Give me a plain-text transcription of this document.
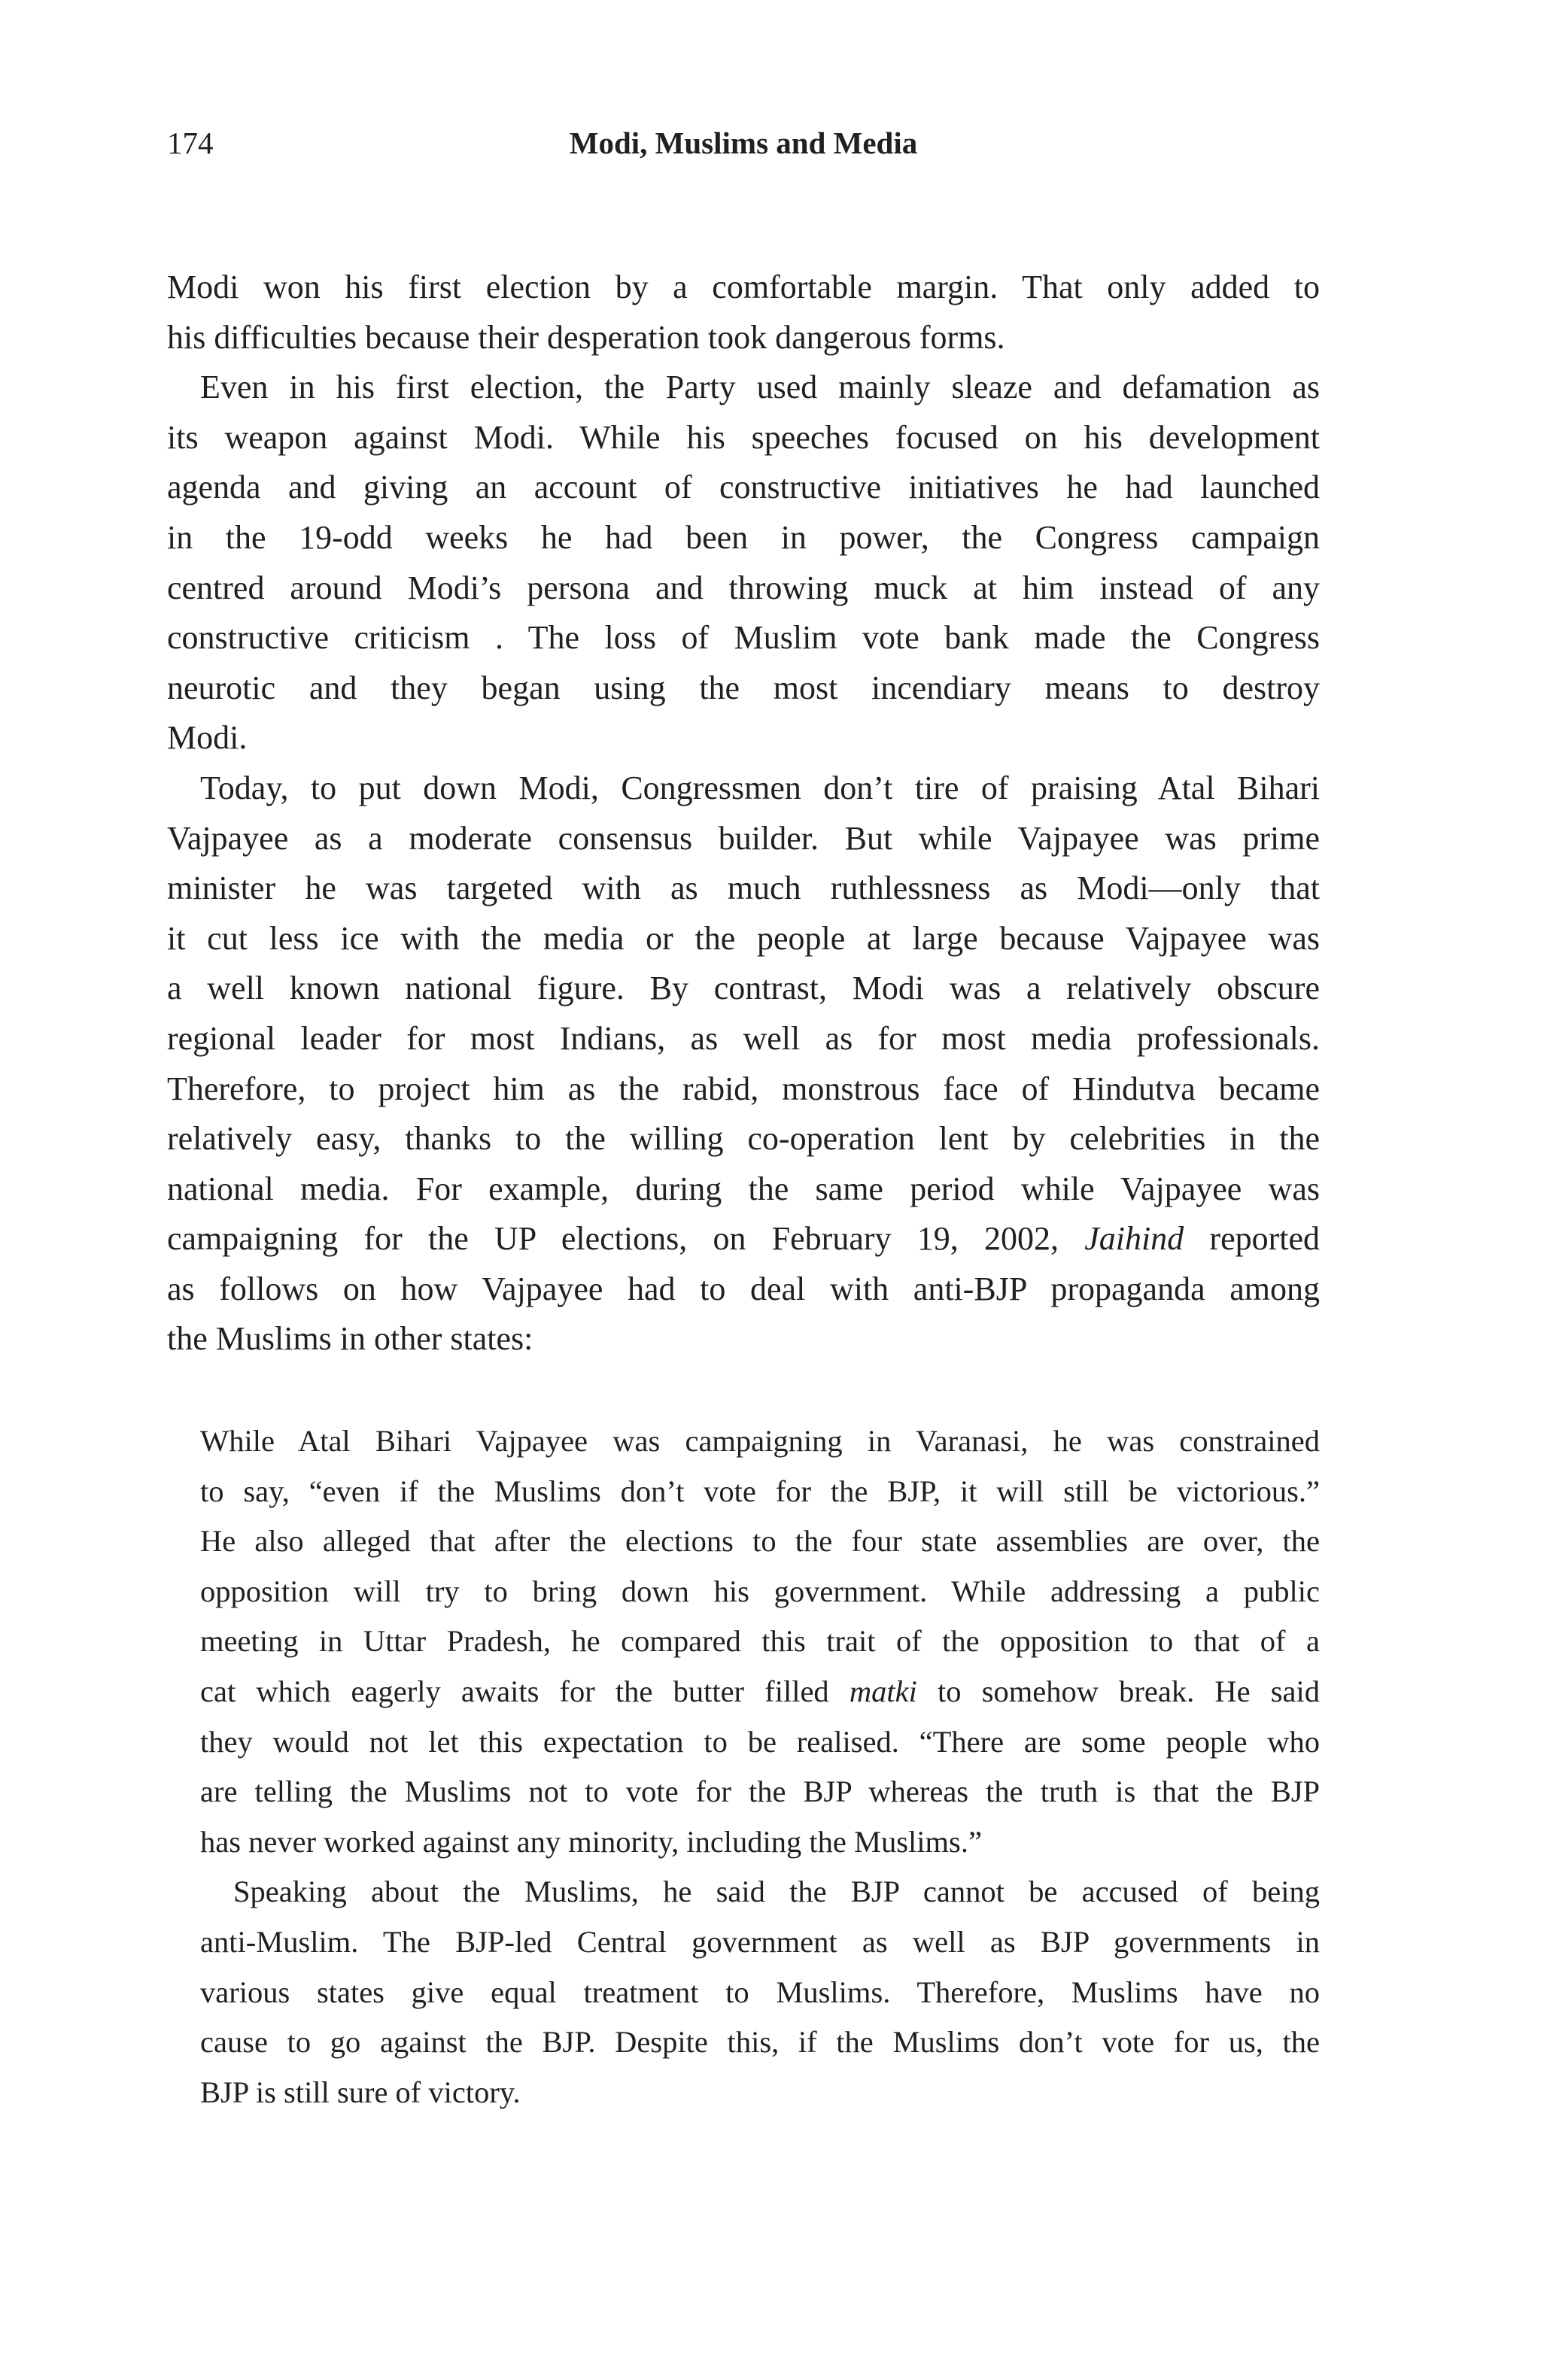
174	Modi, Muslims and Media
Modi won his first election by a comfortable margin. That only added to
his difficulties because their desperation took dangerous forms.
Even in his first election, the Party used mainly sleaze and defamation as
its weapon against Modi. While his speeches focused on his development
agenda and giving an account of constructive initiatives he had launched
in the 19-odd weeks he had been in power, the Congress campaign
centred around Modi’s persona and throwing muck at him instead of any
constructive criticism . The loss of Muslim vote bank made the Congress
neurotic and they began using the most incendiary means to destroy
Modi.
Today, to put down Modi, Congressmen don’t tire of praising Atal Bihari
Vajpayee as a moderate consensus builder. But while Vajpayee was prime
minister he was targeted with as much ruthlessness as Modi—only that
it cut less ice with the media or the people at large because Vajpayee was
a well known national figure. By contrast, Modi was a relatively obscure
regional leader for most Indians, as well as for most media professionals.
Therefore, to project him as the rabid, monstrous face of Hindutva became
relatively easy, thanks to the willing co-operation lent by celebrities in the
national media. For example, during the same period while Vajpayee was
campaigning for the UP elections, on February 19, 2002, Jaihind reported
as follows on how Vajpayee had to deal with anti-BJP propaganda among
the Muslims in other states:
While Atal Bihari Vajpayee was campaigning in Varanasi, he was constrained
to say, “even if the Muslims don’t vote for the BJP, it will still be victorious.”
He also alleged that after the elections to the four state assemblies are over, the
opposition will try to bring down his government. While addressing a public
meeting in Uttar Pradesh, he compared this trait of the opposition to that of a
cat which eagerly awaits for the butter filled matki to somehow break. He said
they would not let this expectation to be realised. “There are some people who
are telling the Muslims not to vote for the BJP whereas the truth is that the BJP
has never worked against any minority, including the Muslims.”
Speaking about the Muslims, he said the BJP cannot be accused of being
anti-Muslim. The BJP-led Central government as well as BJP governments in
various states give equal treatment to Muslims. Therefore, Muslims have no
cause to go against the BJP. Despite this, if the Muslims don’t vote for us, the
BJP is still sure of victory.
